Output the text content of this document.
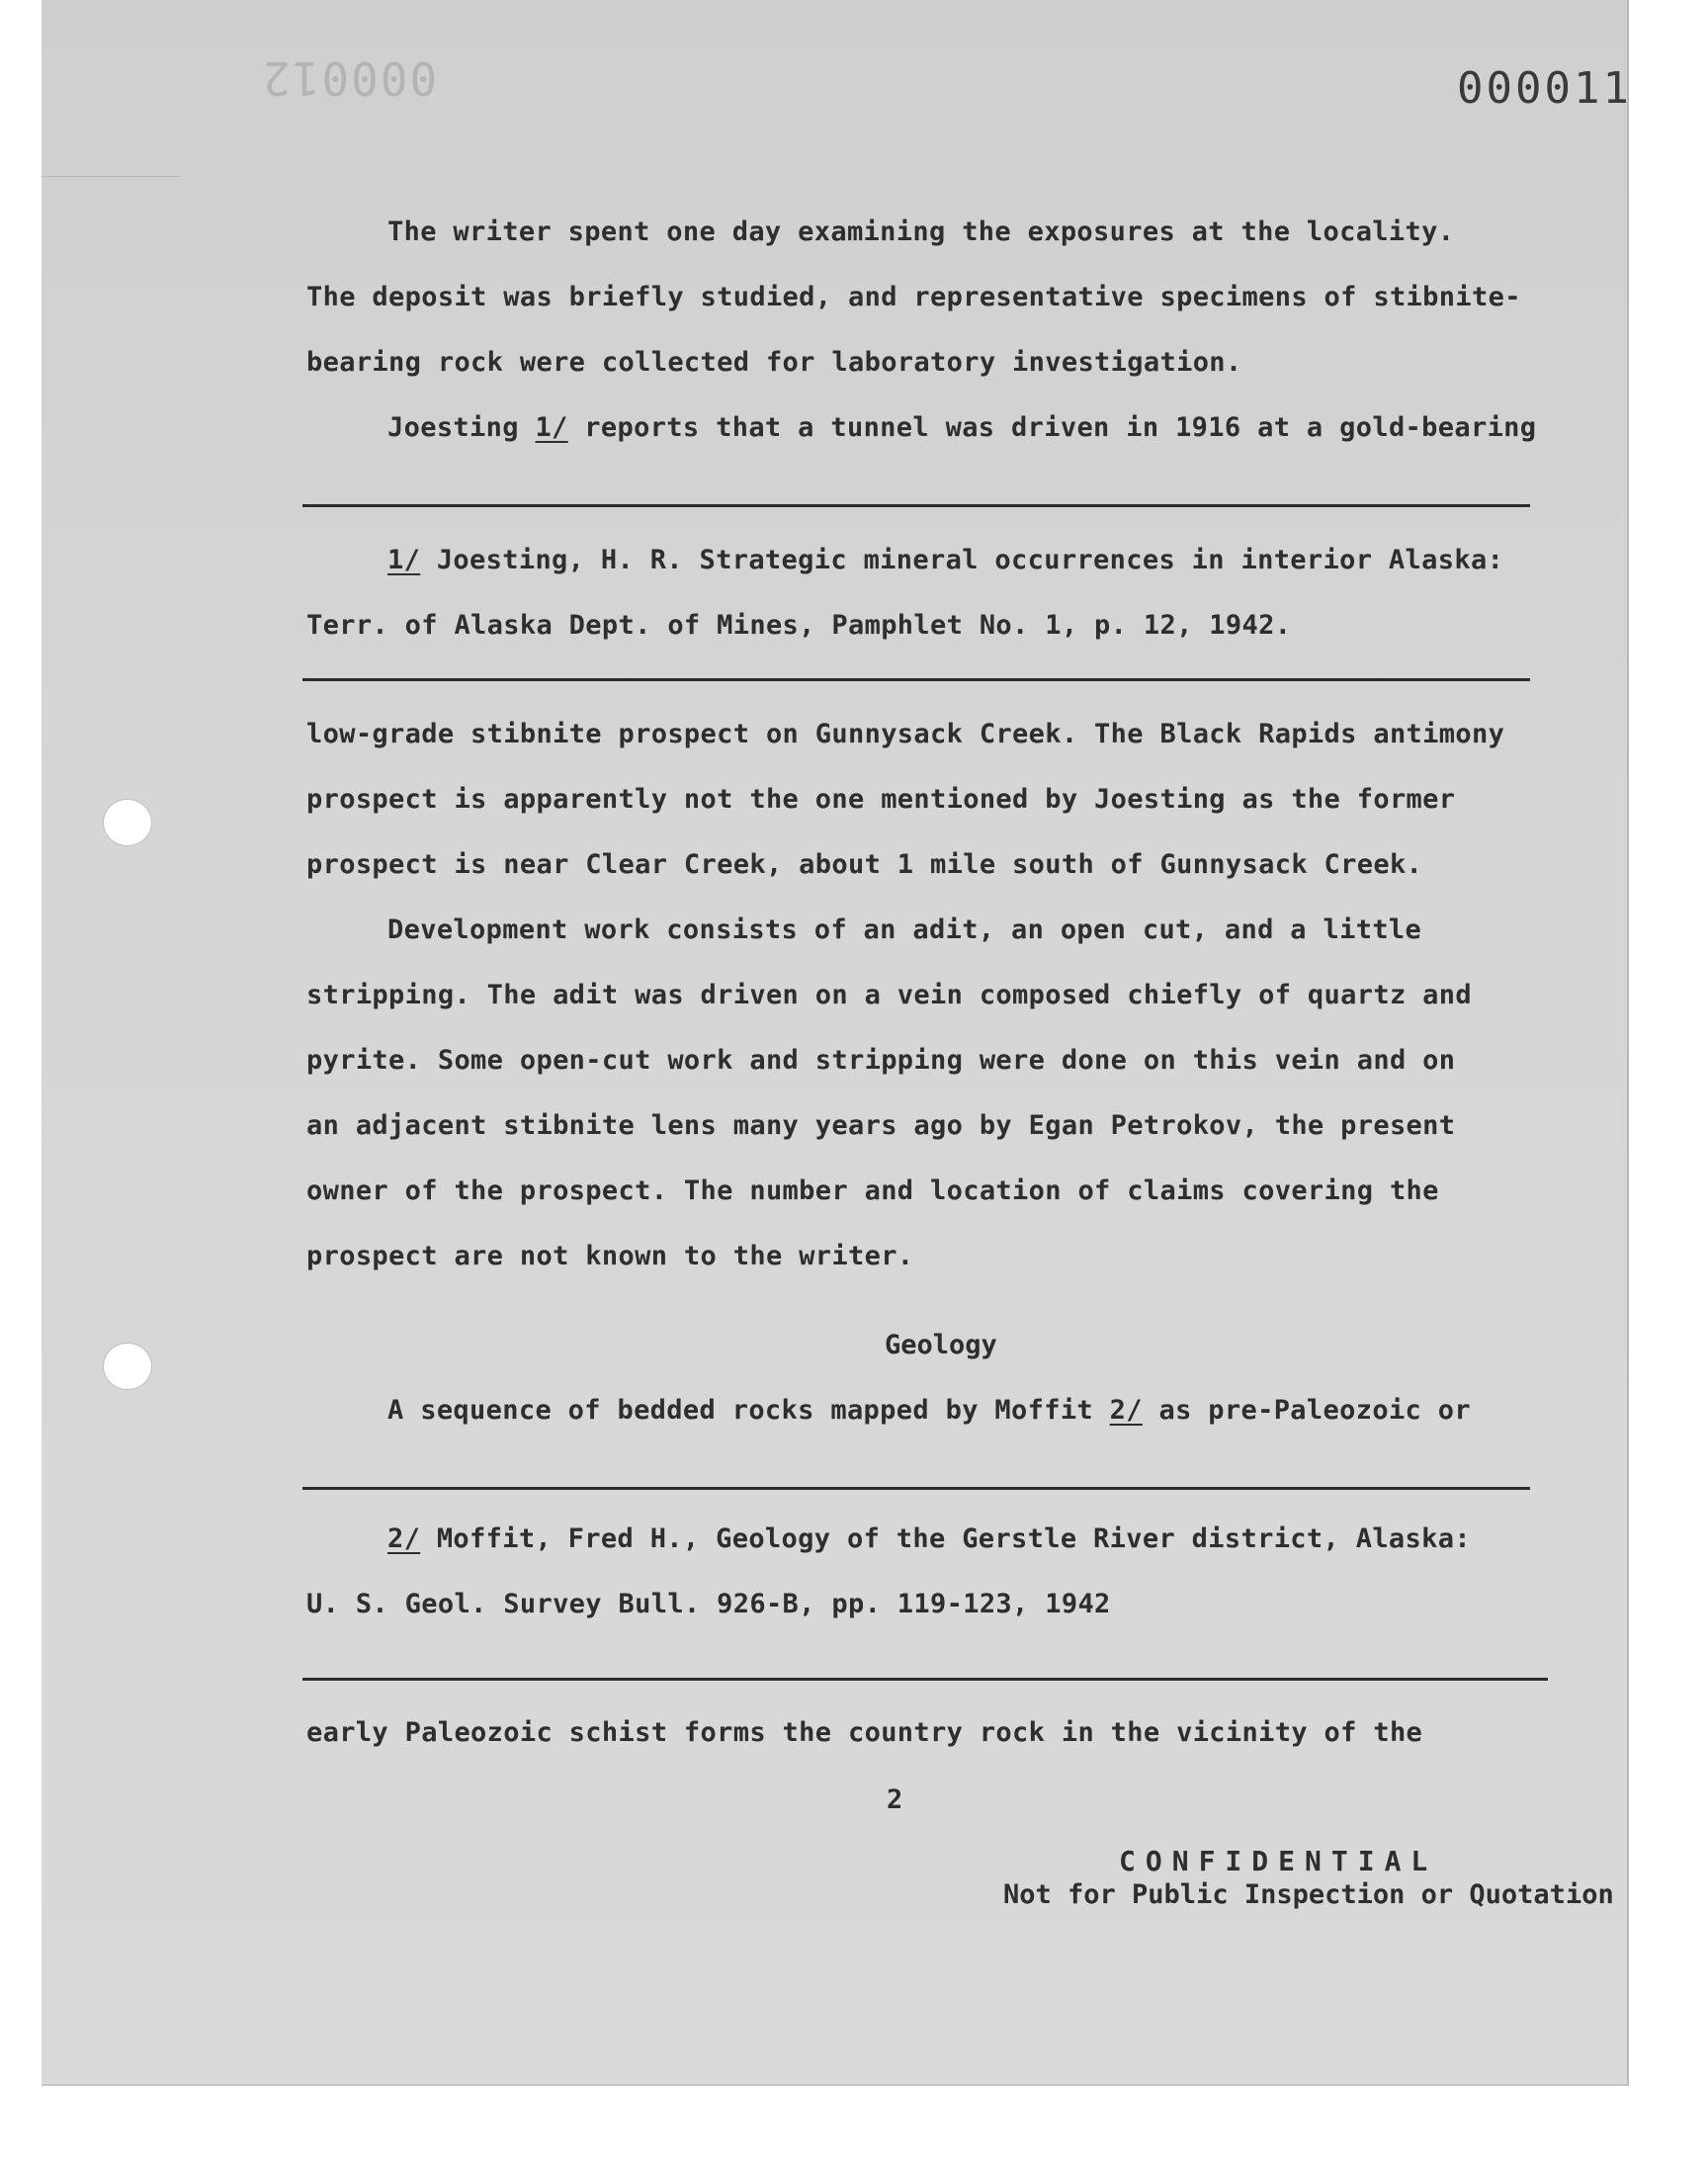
000012	000011
The writer spent one day examining the exposures at the locality.
The deposit was briefly studied, and representative specimens of stibnite-
bearing rock were collected for laboratory investigation.
Joesting 1/ reports that a tunnel was driven in 1916 at a gold-bearing
1/ Joesting, H. R. Strategic mineral occurrences in interior Alaska:
Terr. of Alaska Dept. of Mines, Pamphlet No. 1, p. 12, 1942.
low-grade stibnite prospect on Gunnysack Creek. The Black Rapids antimony
prospect is apparently not the one mentioned by Joesting as the former
prospect is near Clear Creek, about 1 mile south of Gunnysack Creek.
Development work consists of an adit, an open cut, and a little
stripping. The adit was driven on a vein composed chiefly of quartz and
pyrite. Some open-cut work and stripping were done on this vein and on
an adjacent stibnite lens many years ago by Egan Petrokov, the present
owner of the prospect. The number and location of claims covering the
prospect are not known to the writer.
Geology
A sequence of bedded rocks mapped by Moffit 2/ as pre-Paleozoic or
2/ Moffit, Fred H., Geology of the Gerstle River district, Alaska:
U. S. Geol. Survey Bull. 926-B, pp. 119-123, 1942
early Paleozoic schist forms the country rock in the vicinity of the
2
CONFIDENTIAL
Not for Public Inspection or Quotation
